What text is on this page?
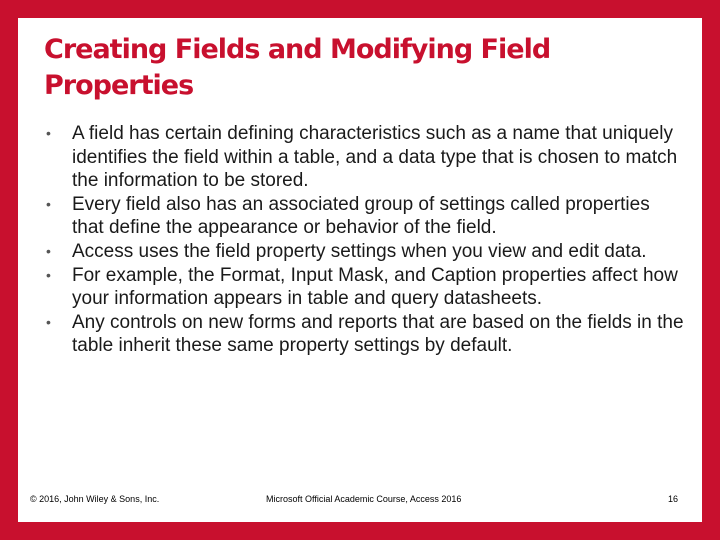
Creating Fields and Modifying Field Properties
• A field has certain defining characteristics such as a name that uniquely identifies the field within a table, and a data type that is chosen to match the information to be stored.
• Every field also has an associated group of settings called properties that define the appearance or behavior of the field.
• Access uses the field property settings when you view and edit data.
• For example, the Format, Input Mask, and Caption properties affect how your information appears in table and query datasheets.
• Any controls on new forms and reports that are based on the fields in the table inherit these same property settings by default.
© 2016, John Wiley & Sons, Inc.	Microsoft Official Academic Course, Access 2016	16
